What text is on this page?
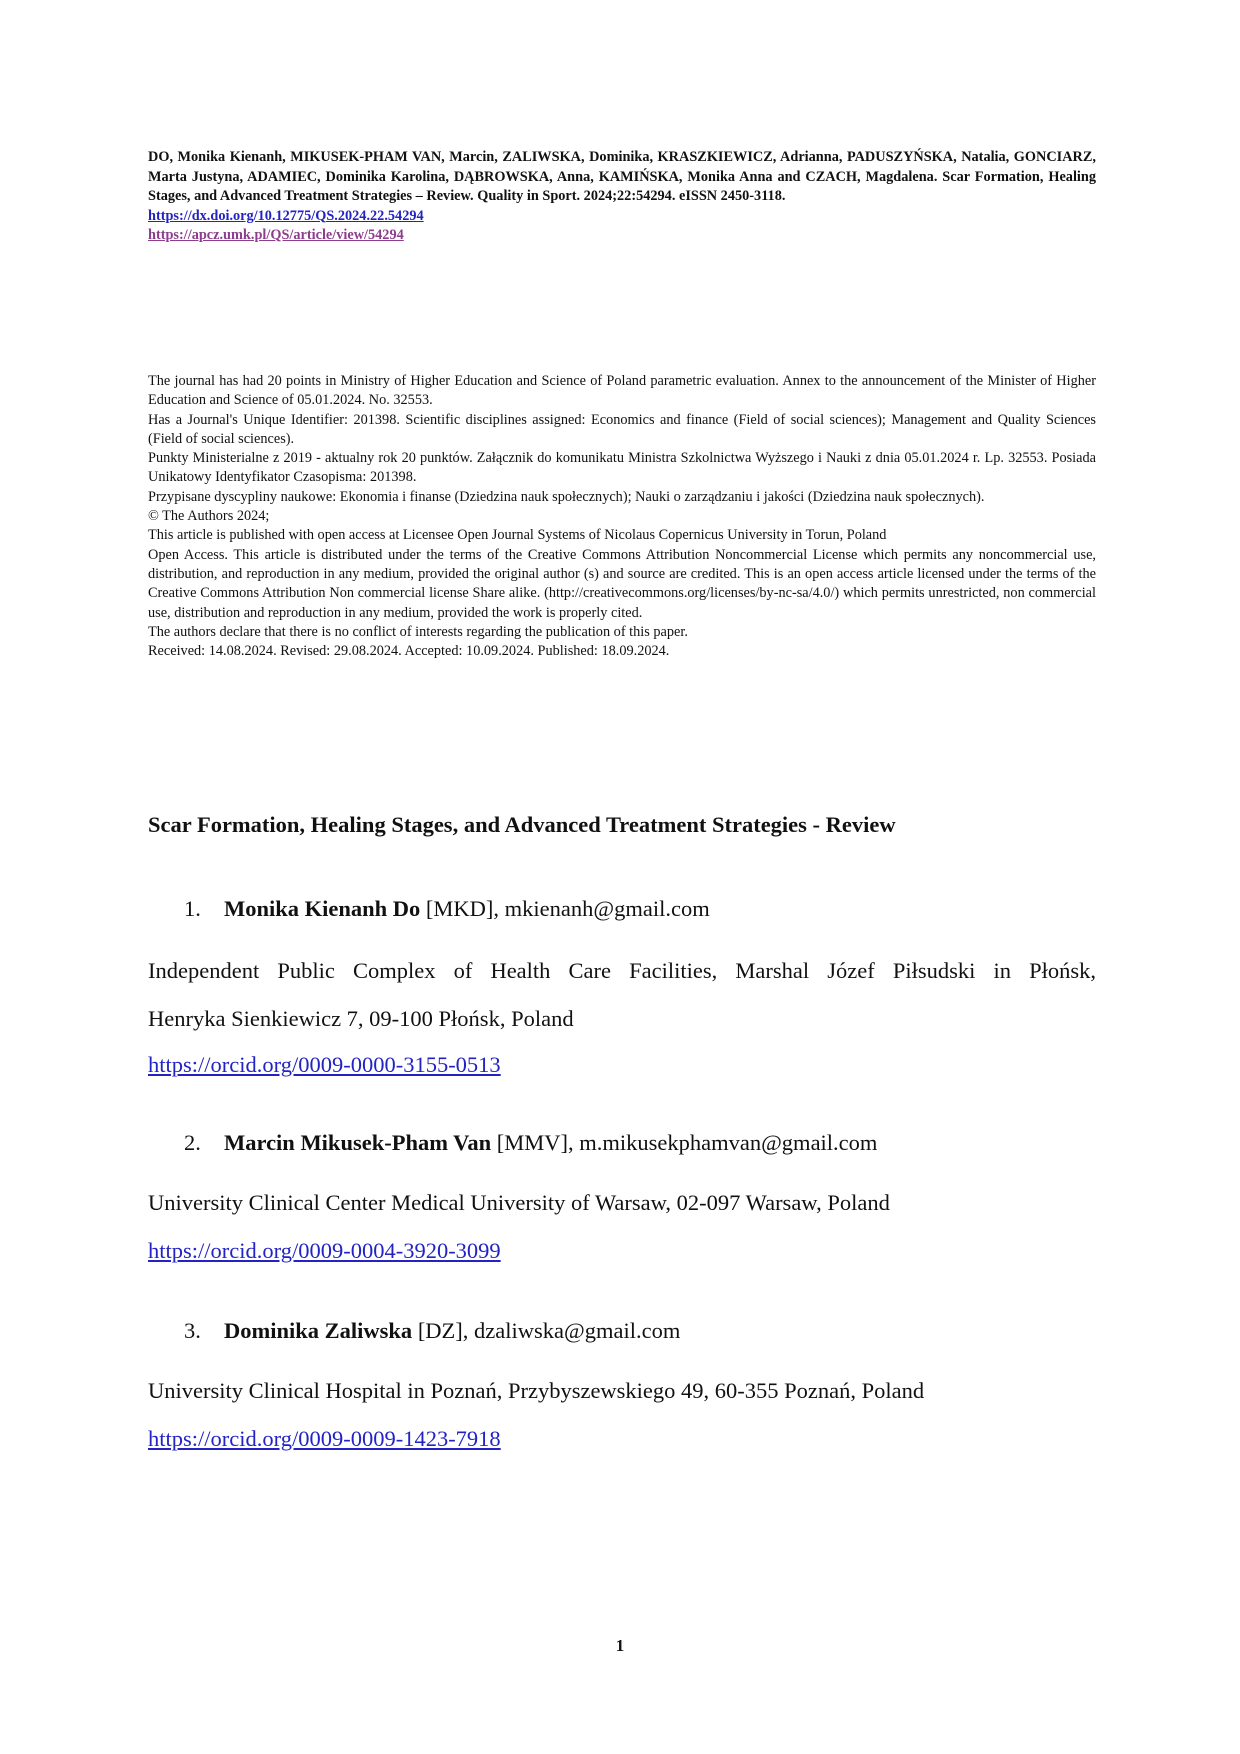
DO, Monika Kienanh, MIKUSEK-PHAM VAN, Marcin, ZALIWSKA, Dominika, KRASZKIEWICZ, Adrianna, PADUSZYŃSKA, Natalia, GONCIARZ, Marta Justyna, ADAMIEC, Dominika Karolina, DĄBROWSKA, Anna, KAMIŃSKA, Monika Anna and CZACH, Magdalena. Scar Formation, Healing Stages, and Advanced Treatment Strategies – Review. Quality in Sport. 2024;22:54294. eISSN 2450-3118.
https://dx.doi.org/10.12775/QS.2024.22.54294
https://apcz.umk.pl/QS/article/view/54294

The journal has had 20 points in Ministry of Higher Education and Science of Poland parametric evaluation. Annex to the announcement of the Minister of Higher Education and Science of 05.01.2024. No. 32553.

Has a Journal's Unique Identifier: 201398. Scientific disciplines assigned: Economics and finance (Field of social sciences); Management and Quality Sciences (Field of social sciences).

Punkty Ministerialne z 2019 - aktualny rok 20 punktów. Załącznik do komunikatu Ministra Szkolnictwa Wyższego i Nauki z dnia 05.01.2024 r. Lp. 32553. Posiada Unikatowy Identyfikator Czasopisma: 201398.

Przypisane dyscypliny naukowe: Ekonomia i finanse (Dziedzina nauk społecznych); Nauki o zarządzaniu i jakości (Dziedzina nauk społecznych).

© The Authors 2024;

This article is published with open access at Licensee Open Journal Systems of Nicolaus Copernicus University in Torun, Poland

Open Access. This article is distributed under the terms of the Creative Commons Attribution Noncommercial License which permits any noncommercial use, distribution, and reproduction in any medium, provided the original author (s) and source are credited. This is an open access article licensed under the terms of the Creative Commons Attribution Non commercial license Share alike. (http://creativecommons.org/licenses/by-nc-sa/4.0/) which permits unrestricted, non commercial use, distribution and reproduction in any medium, provided the work is properly cited.

The authors declare that there is no conflict of interests regarding the publication of this paper.

Received: 14.08.2024. Revised: 29.08.2024. Accepted: 10.09.2024. Published: 18.09.2024.

Scar Formation, Healing Stages, and Advanced Treatment Strategies - Review
1. Monika Kienanh Do [MKD], mkienanh@gmail.com
Independent Public Complex of Health Care Facilities, Marshal Józef Piłsudski in Płońsk,
Henryka Sienkiewicz 7, 09-100 Płońsk, Poland
https://orcid.org/0009-0000-3155-0513
2. Marcin Mikusek-Pham Van [MMV], m.mikusekphamvan@gmail.com
University Clinical Center Medical University of Warsaw, 02-097 Warsaw, Poland
https://orcid.org/0009-0004-3920-3099
3. Dominika Zaliwska [DZ], dzaliwska@gmail.com
University Clinical Hospital in Poznań, Przybyszewskiego 49, 60-355 Poznań, Poland
https://orcid.org/0009-0009-1423-7918
1
